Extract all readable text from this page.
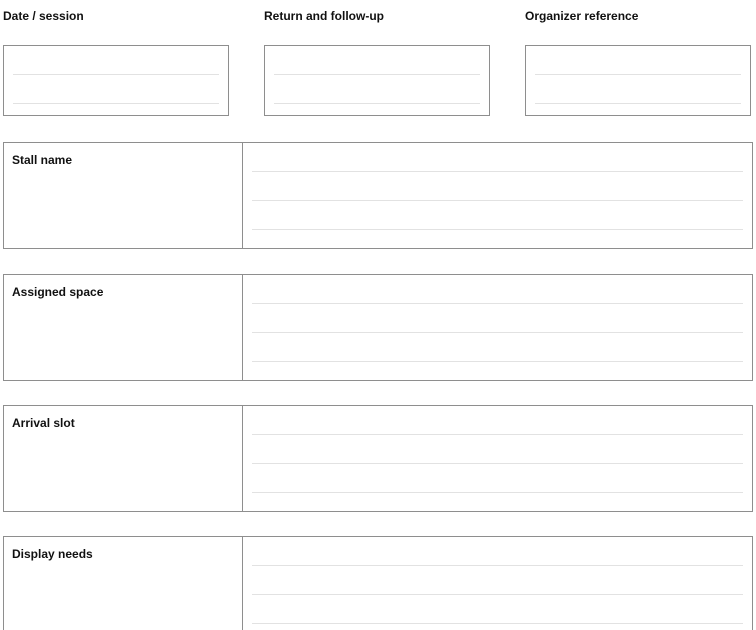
Date / session	Return and follow-up	Organizer reference
Stall name
Assigned space
Arrival slot
Display needs
